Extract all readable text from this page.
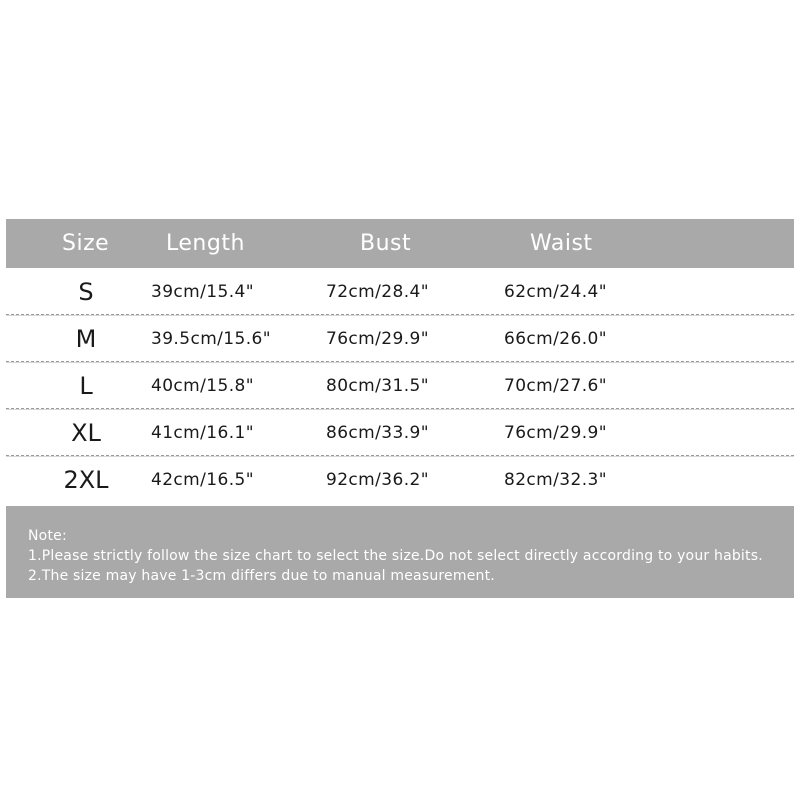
Size	Length	Bust	Waist
S	39cm/15.4"	72cm/28.4"	62cm/24.4"
M	39.5cm/15.6"	76cm/29.9"	66cm/26.0"
L	40cm/15.8"	80cm/31.5"	70cm/27.6"
XL	41cm/16.1"	86cm/33.9"	76cm/29.9"
2XL	42cm/16.5"	92cm/36.2"	82cm/32.3"
Note:
1.Please strictly follow the size chart to select the size.Do not select directly according to your habits.
2.The size may have 1-3cm differs due to manual measurement.
